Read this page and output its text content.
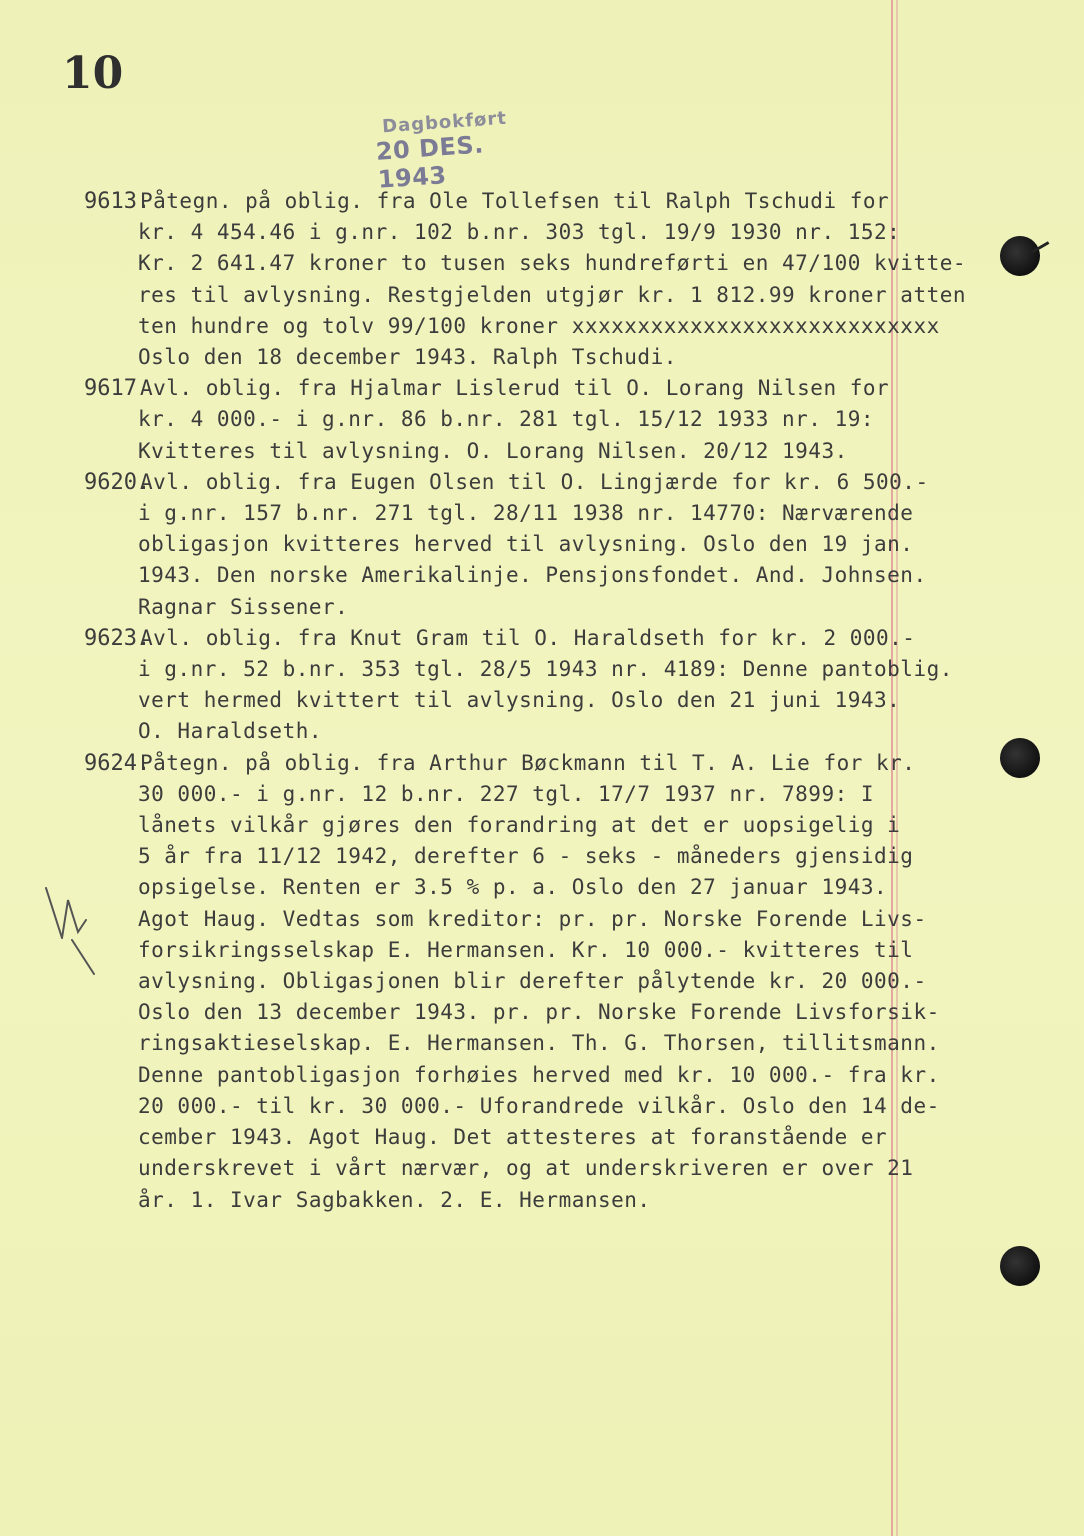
10
Dagbokført
20 DES. 1943
9613.
Påtegn. på oblig. fra Ole Tollefsen til Ralph Tschudi for
kr. 4 454.46 i g.nr. 102 b.nr. 303 tgl. 19/9 1930 nr. 152:
Kr. 2 641.47 kroner to tusen seks hundreførti en 47/100 kvitte-
res til avlysning. Restgjelden utgjør kr. 1 812.99 kroner atten
ten hundre og tolv 99/100 kroner xxxxxxxxxxxxxxxxxxxxxxxxxxxx
Oslo den 18 december 1943. Ralph Tschudi.
9617 Avl. oblig. fra Hjalmar Lislerud til O. Lorang Nilsen for
kr. 4 000.- i g.nr. 86 b.nr. 281 tgl. 15/12 1933 nr. 19:
Kvitteres til avlysning. O. Lorang Nilsen. 20/12 1943.
9620.
Avl. oblig. fra Eugen Olsen til O. Lingjærde for kr. 6 500.-
i g.nr. 157 b.nr. 271 tgl. 28/11 1938 nr. 14770: Nærværende
obligasjon kvitteres herved til avlysning. Oslo den 19 jan.
1943. Den norske Amerikalinje. Pensjonsfondet. And. Johnsen.
Ragnar Sissener.
9623.
Avl. oblig. fra Knut Gram til O. Haraldseth for kr. 2 000.-
i g.nr. 52 b.nr. 353 tgl. 28/5 1943 nr. 4189: Denne pantoblig.
vert hermed kvittert til avlysning. Oslo den 21 juni 1943.
O. Haraldseth.
9624.
Påtegn. på oblig. fra Arthur Bøckmann til T. A. Lie for kr.
30 000.- i g.nr. 12 b.nr. 227 tgl. 17/7 1937 nr. 7899: I
lånets vilkår gjøres den forandring at det er uopsigelig i
5 år fra 11/12 1942, derefter 6 - seks - måneders gjensidig
opsigelse. Renten er 3.5 % p. a. Oslo den 27 januar 1943.
Agot Haug. Vedtas som kreditor: pr. pr. Norske Forende Livs-
forsikringsselskap E. Hermansen. Kr. 10 000.- kvitteres til
avlysning. Obligasjonen blir derefter pålytende kr. 20 000.-
Oslo den 13 december 1943. pr. pr. Norske Forende Livsforsik-
ringsaktieselskap. E. Hermansen. Th. G. Thorsen, tillitsmann.
Denne pantobligasjon forhøies herved med kr. 10 000.- fra kr.
20 000.- til kr. 30 000.- Uforandrede vilkår. Oslo den 14 de-
cember 1943. Agot Haug. Det attesteres at foranstående er
underskrevet i vårt nærvær, og at underskriveren er over 21
år. 1. Ivar Sagbakken. 2. E. Hermansen.
